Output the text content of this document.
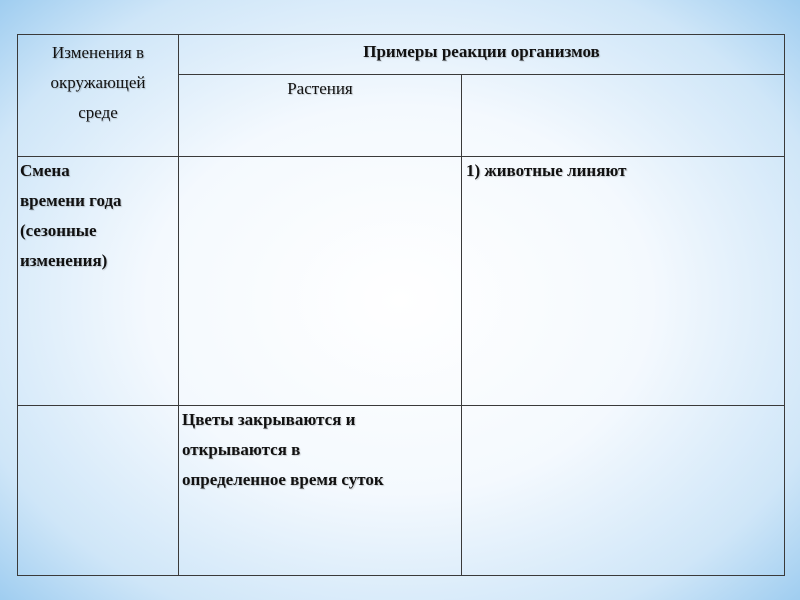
Изменения в
окружающей
среде
Примеры реакции организмов
Растения
Смена
времени года
(сезонные
изменения)
1) животные линяют
Цветы закрываются и
открываются в
определенное время суток
